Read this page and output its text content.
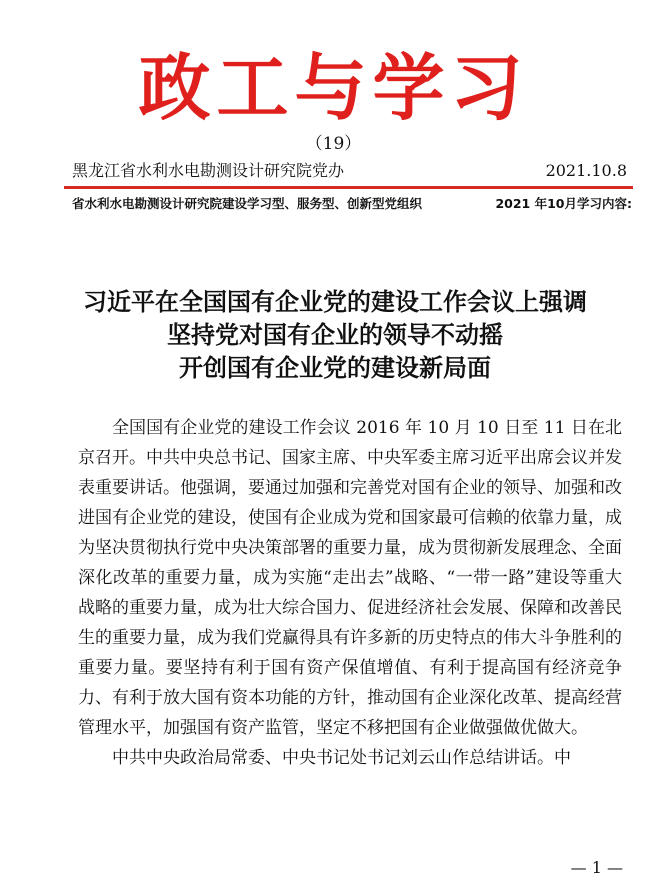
政工与学习
（19）
黑龙江省水利水电勘测设计研究院党办	2021.10.8
省水利水电勘测设计研究院建设学习型、服务型、创新型党组织	2021 年10月学习内容:
习近平在全国国有企业党的建设工作会议上强调
坚持党对国有企业的领导不动摇
开创国有企业党的建设新局面

全国国有企业党的建设工作会议 2016 年 10 月 10 日至 11 日在北京召开。中共中央总书记、国家主席、中央军委主席习近平出席会议并发表重要讲话。他强调，要通过加强和完善党对国有企业的领导、加强和改进国有企业党的建设，使国有企业成为党和国家最可信赖的依靠力量，成为坚决贯彻执行党中央决策部署的重要力量，成为贯彻新发展理念、全面深化改革的重要力量，成为实施“走出去”战略、“一带一路”建设等重大战略的重要力量，成为壮大综合国力、促进经济社会发展、保障和改善民生的重要力量，成为我们党赢得具有许多新的历史特点的伟大斗争胜利的重要力量。要坚持有利于国有资产保值增值、有利于提高国有经济竞争力、有利于放大国有资本功能的方针，推动国有企业深化改革、提高经营管理水平，加强国有资产监管，坚定不移把国有企业做强做优做大。

中共中央政治局常委、中央书记处书记刘云山作总结讲话。中

— 1 —
